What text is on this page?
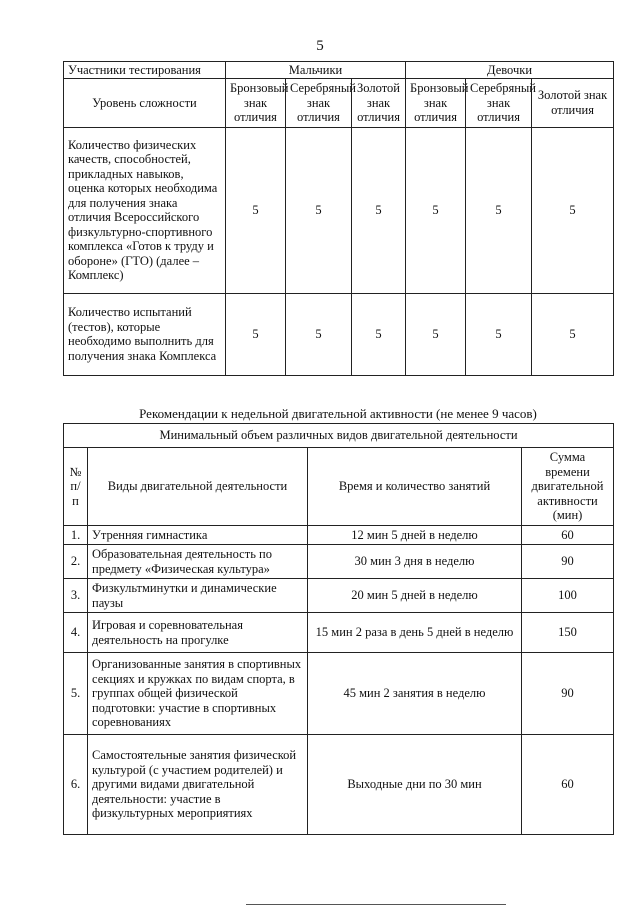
5
Участники тестирования	Мальчики			Девочки		
Уровень сложности	Бронзовый знак отличия	Серебряный знак отличия	Золотой знак отличия	Бронзовый знак отличия	Серебряный знак отличия	Золотой знак отличия
Количество физических качеств, способностей, прикладных навыков, оценка которых необходима для получения знака отличия Всероссийского физкультурно-спортивного комплекса «Готов к труду и обороне» (ГТО) (далее – Комплекс)	5	5	5	5	5	5
Количество испытаний (тестов), которые необходимо выполнить для получения знака Комплекса	5	5	5	5	5	5
Рекомендации к недельной двигательной активности (не менее 9 часов)
Минимальный объем различных видов двигательной деятельности			
№ п/п	Виды двигательной деятельности	Время и количество занятий	Сумма времени двигательной активности (мин)
1.	Утренняя гимнастика	12 мин 5 дней в неделю	60
2.	Образовательная деятельность по предмету «Физическая культура»	30 мин 3 дня в неделю	90
3.	Физкультминутки и динамические паузы	20 мин 5 дней в неделю	100
4.	Игровая и соревновательная деятельность на прогулке	15 мин 2 раза в день 5 дней в неделю	150
5.	Организованные занятия в спортивных секциях и кружках по видам спорта, в группах общей физической подготовки: участие в спортивных соревнованиях	45 мин 2 занятия в неделю	90
6.	Самостоятельные занятия физической культурой (с участием родителей) и другими видами двигательной деятельности: участие в физкультурных мероприятиях	Выходные дни по 30 мин	60
